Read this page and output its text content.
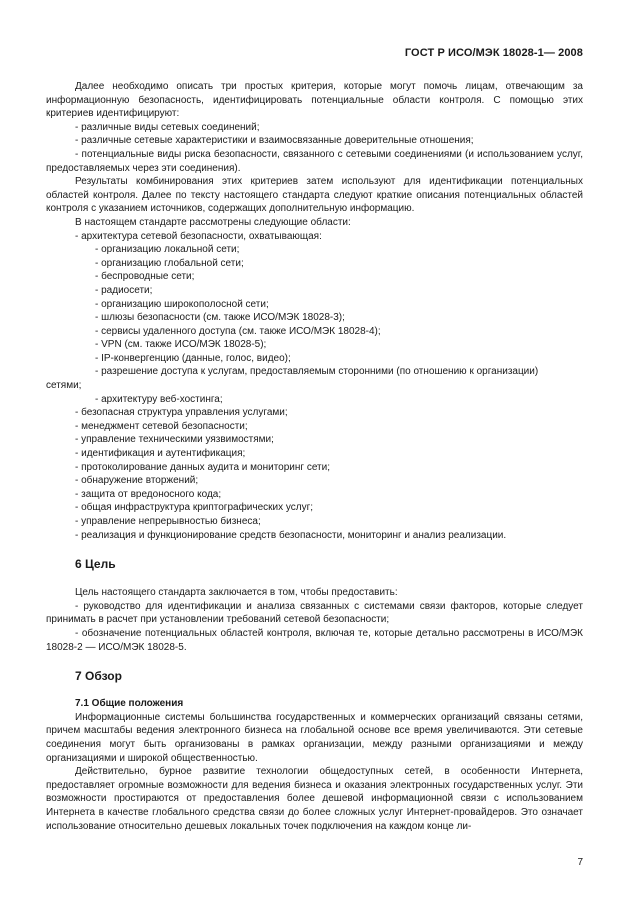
ГОСТ Р ИСО/МЭК 18028-1— 2008

Далее необходимо описать три простых критерия, которые могут помочь лицам, отвечающим за информационную безопасность, идентифицировать потенциальные области контроля. С помощью этих критериев идентифицируют:

- различные виды сетевых соединений;

- различные сетевые характеристики и взаимосвязанные доверительные отношения;

- потенциальные виды риска безопасности, связанного с сетевыми соединениями (и использованием услуг, предоставляемых через эти соединения).

Результаты комбинирования этих критериев затем используют для идентификации потенциальных областей контроля. Далее по тексту настоящего стандарта следуют краткие описания потенциальных областей контроля с указанием источников, содержащих дополнительную информацию.

В настоящем стандарте рассмотрены следующие области:

- архитектура сетевой безопасности, охватывающая:

- организацию локальной сети;

- организацию глобальной сети;

- беспроводные сети;

- радиосети;

- организацию широкополосной сети;

- шлюзы безопасности (см. также ИСО/МЭК 18028-3);

- сервисы удаленного доступа (см. также ИСО/МЭК 18028-4);

- VPN (см. также ИСО/МЭК 18028-5);

- IP-конвергенцию (данные, голос, видео);

- разрешение доступа к услугам, предоставляемым сторонними (по отношению к организации)

сетями;

- архитектуру веб-хостинга;

- безопасная структура управления услугами;

- менеджмент сетевой безопасности;

- управление техническими уязвимостями;

- идентификация и аутентификация;

- протоколирование данных аудита и мониторинг сети;

- обнаружение вторжений;

- защита от вредоносного кода;

- общая инфраструктура криптографических услуг;

- управление непрерывностью бизнеса;

- реализация и функционирование средств безопасности, мониторинг и анализ реализации.

6 Цель

Цель настоящего стандарта заключается в том, чтобы предоставить:

- руководство для идентификации и анализа связанных с системами связи факторов, которые следует принимать в расчет при установлении требований сетевой безопасности;

- обозначение потенциальных областей контроля, включая те, которые детально рассмотрены в ИСО/МЭК 18028-2 — ИСО/МЭК 18028-5.

7 Обзор

7.1 Общие положения

Информационные системы большинства государственных и коммерческих организаций связаны сетями, причем масштабы ведения электронного бизнеса на глобальной основе все время увеличиваются. Эти сетевые соединения могут быть организованы в рамках организации, между разными организациями и между организациями и широкой общественностью.

Действительно, бурное развитие технологии общедоступных сетей, в особенности Интернета, предоставляет огромные возможности для ведения бизнеса и оказания электронных государственных услуг. Эти возможности простираются от предоставления более дешевой информационной связи с использованием Интернета в качестве глобального средства связи до более сложных услуг Интернет-провайдеров. Это означает использование относительно дешевых локальных точек подключения на каждом конце ли-

7
